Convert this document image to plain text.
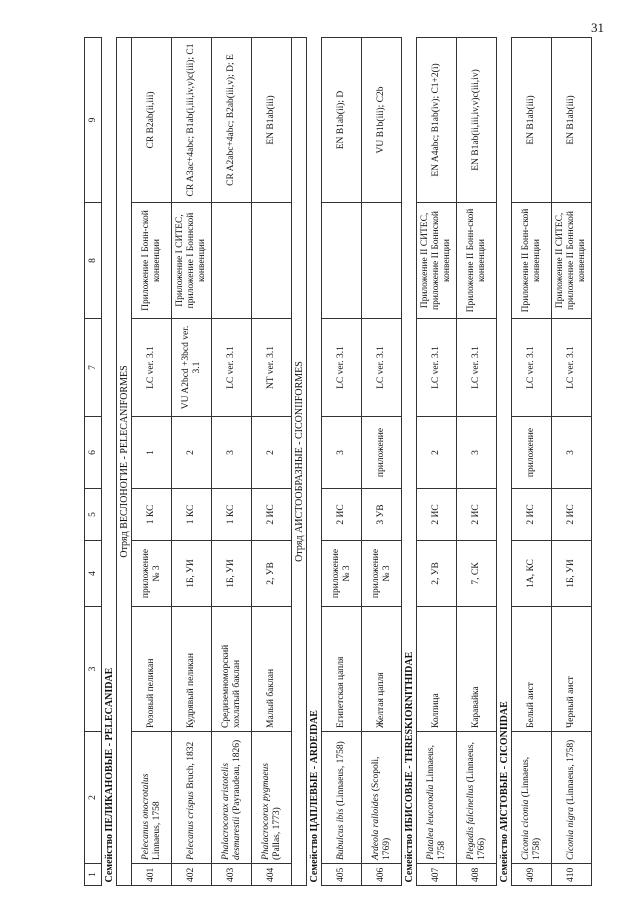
31
1	2	3	4	5	6	7	8	9
Семейство ПЕЛИКАНОВЫЕ - PELECANIDAE								
Отряд ВЕСЛОНОГИЕ - PELECANIFORMES								
401	Pelecanus onocrotalus Linnaeus, 1758	Розовый пеликан	приложение № 3	1 КС	1	LC ver. 3.1	Приложение I Бонн-ской конвенции	CR B2ab(ii,iii)
402	Pelecanus crispus Bruch, 1832	Кудрявый пеликан	1Б, УИ	1 КС	2	VU A2bcd +3bcd ver. 3.1	Приложение I СИТЕС, приложение I Боннской конвенции	CR A3ac+4abc; B1ab(i,iii,iv,v)c(iii); C1
403	Phalacrocorax aristotelis desmarestii (Payraudeau, 1826)	Средиземноморский хохлатый баклан	1Б, УИ	1 КС	3	LC ver. 3.1		CR A2abc+4abc; B2ab(iii,v); D; E
404	Phalacrocorax pygmaeus (Pallas, 1773)	Малый баклан	2, УВ	2 ИС	2	NT ver. 3.1		EN B1ab(iii)
Отряд АИСТООБРАЗНЫЕ - CICONIIFORMES								
Семейство ЦАПЛЕВЫЕ - ARDEIDAE								
405	Bubulcus ibis (Linnaeus, 1758)	Египетская цапля	приложение № 3	2 ИС	3	LC ver. 3.1		EN B1ab(ii); D
406	Ardeola ralloides (Scopoli, 1769)	Желтая цапля	приложение № 3	3 УВ	приложение	LC ver. 3.1		VU B1b(iii); C2b
Семейство ИБИСОВЫЕ - THRESKIORNITHIDAE								
407	Platalea leucorodia Linnaeus, 1758	Колпица	2, УВ	2 ИС	2	LC ver. 3.1	Приложение II СИТЕС, приложение II Боннской конвенции	EN A4abc; B1ab(iv); C1+2(i)
408	Plegadis falcinellus (Linnaeus, 1766)	Каравайка	7, СК	2 ИС	3	LC ver. 3.1	Приложение II Бонн-ской конвенции	EN B1ab(ii,iii,iv,v)c(iii,iv)
Семейство АИСТОВЫЕ - CICONIIDAE								
409	Ciconia ciconia (Linnaeus, 1758)	Белый аист	1А, КС	2 ИС	приложение	LC ver. 3.1	Приложение II Бонн-ской конвенции	EN B1ab(iii)
410	Ciconia nigra (Linnaeus, 1758)	Черный аист	1Б, УИ	2 ИС	3	LC ver. 3.1	Приложение II СИТЕС, приложение II Боннской конвенции	EN B1ab(iii)
